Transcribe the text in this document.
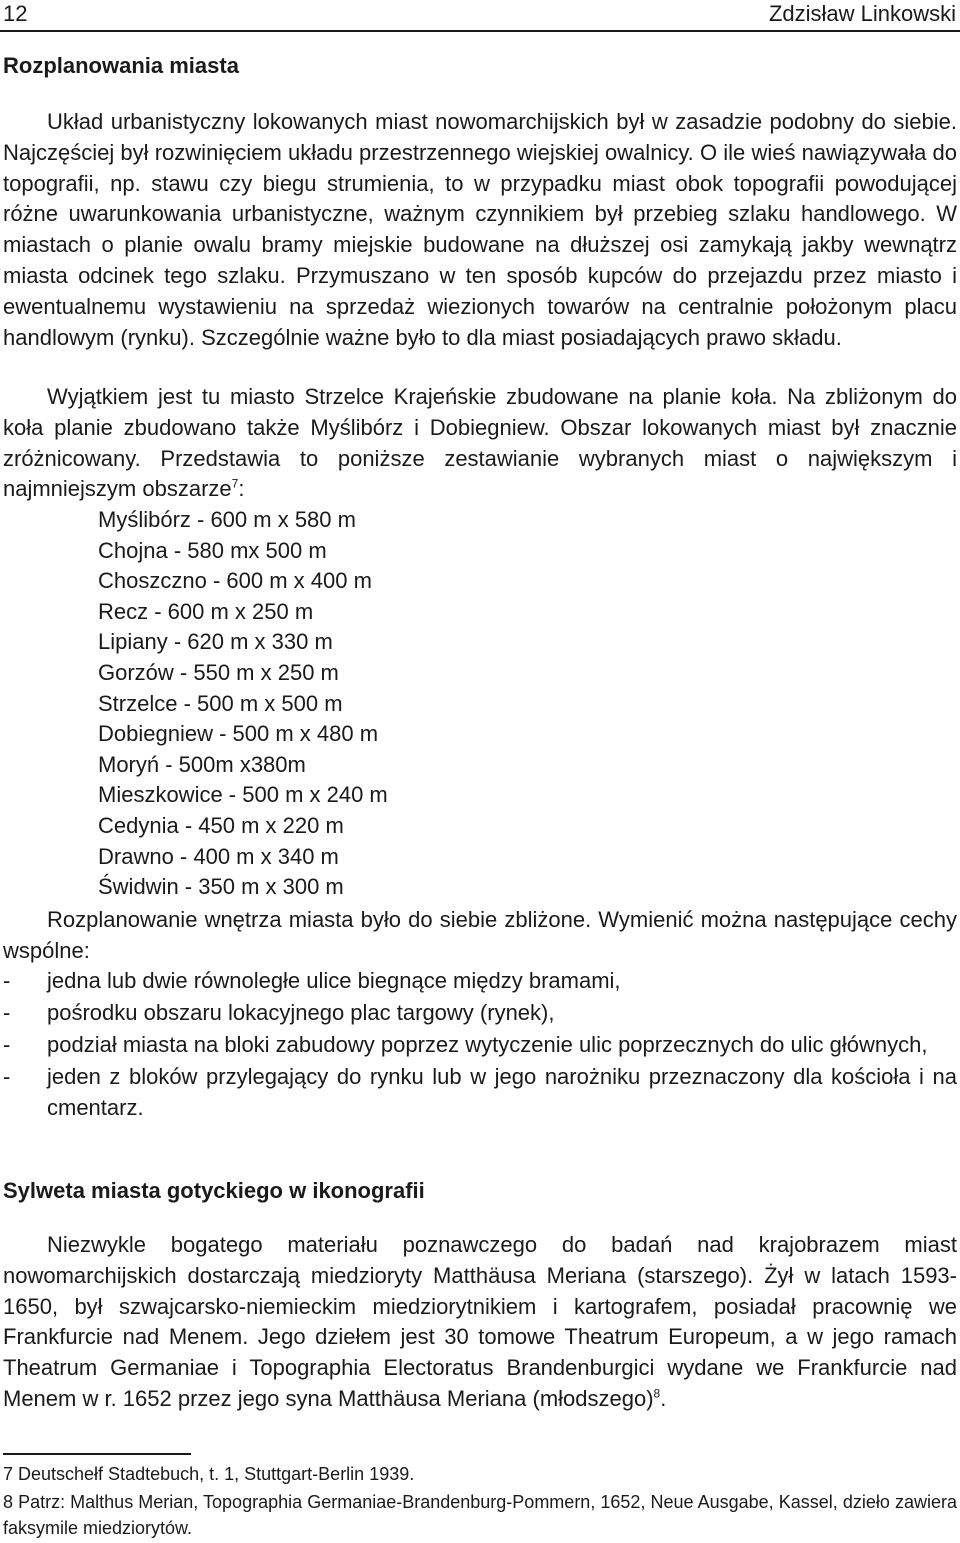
12	Zdzisław Linkowski
Rozplanowania miasta

Układ urbanistyczny lokowanych miast nowomarchijskich był w zasadzie podobny do siebie. Najczęściej był rozwinięciem układu przestrzennego wiejskiej owalnicy. O ile wieś nawiązywała do topografii, np. stawu czy biegu strumienia, to w przypadku miast obok topografii powodującej różne uwarunkowania urbanistyczne, ważnym czynnikiem był przebieg szlaku handlowego. W miastach o planie owalu bramy miejskie budowane na dłuższej osi zamykają jakby wewnątrz miasta odcinek tego szlaku. Przymuszano w ten sposób kupców do przejazdu przez miasto i ewentualnemu wystawieniu na sprzedaż wiezionych towarów na centralnie położonym placu handlowym (rynku). Szczególnie ważne było to dla miast posiadających prawo składu.

Wyjątkiem jest tu miasto Strzelce Krajeńskie zbudowane na planie koła. Na zbliżonym do koła planie zbudowano także Myślibórz i Dobiegniew. Obszar lokowanych miast był znacznie zróżnicowany. Przedstawia to poniższe zestawianie wybranych miast o największym i najmniejszym obszarze$^7$:

Myślibórz - 600 m x 580 m
Chojna - 580 mx 500 m
Choszczno - 600 m x 400 m
Recz - 600 m x 250 m
Lipiany - 620 m x 330 m
Gorzów - 550 m x 250 m
Strzelce - 500 m x 500 m
Dobiegniew - 500 m x 480 m
Moryń - 500m x380m
Mieszkowice - 500 m x 240 m
Cedynia - 450 m x 220 m
Drawno - 400 m x 340 m
Świdwin - 350 m x 300 m

Rozplanowanie wnętrza miasta było do siebie zbliżone. Wymienić można następujące cechy wspólne:

- jedna lub dwie równoległe ulice biegnące między bramami,
- pośrodku obszaru lokacyjnego plac targowy (rynek),
- podział miasta na bloki zabudowy poprzez wytyczenie ulic poprzecznych do ulic głównych,
- jeden z bloków przylegający do rynku lub w jego narożniku przeznaczony dla kościoła i na cmentarz.
Sylweta miasta gotyckiego w ikonografii

Niezwykle bogatego materiału poznawczego do badań nad krajobrazem miast nowomarchijskich dostarczają miedzioryty Matthäusa Meriana (starszego). Żył w latach 1593-1650, był szwajcarsko-niemieckim miedziorytnikiem i kartografem, posiadał pracownię we Frankfurcie nad Menem. Jego dziełem jest 30 tomowe Theatrum Europeum, a w jego ramach Theatrum Germaniae i Topographia Electoratus Brandenburgici wydane we Frankfurcie nad Menem w r. 1652 przez jego syna Matthäusa Meriana (młodszego)$^8$.

7 Deutschełf Stadtebuch, t. 1, Stuttgart-Berlin 1939.
8 Patrz: Malthus Merian, Topographia Germaniae-Brandenburg-Pommern, 1652, Neue Ausgabe, Kassel, dzieło zawiera faksymile miedziorytów.
